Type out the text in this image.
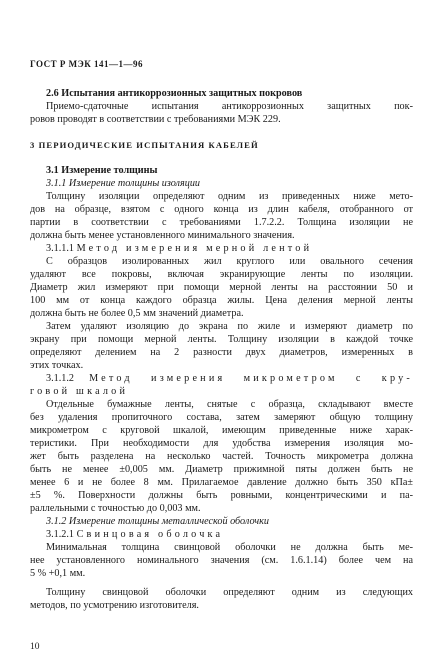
ГОСТ Р МЭК 141—1—96
2.6 Испытания антикоррозионных защитных покровов
Приемо-сдаточные испытания антикоррозионных защитных пок-
ровов проводят в соответствии с требованиями МЭК 229.
3 ПЕРИОДИЧЕСКИЕ ИСПЫТАНИЯ КАБЕЛЕЙ
3.1 Измерение толщины
3.1.1 Измерение толщины изоляции
Толщину изоляции определяют одним из приведенных ниже мето-
дов на образце, взятом с одного конца из длин кабеля, отобранного от
партии в соответствии с требованиями 1.7.2.2. Толщина изоляции не
должна быть менее установленного минимального значения.
3.1.1.1 Метод измерения мерной лентой
С образцов изолированных жил круглого или овального сечения
удаляют все покровы, включая экранирующие ленты по изоляции.
Диаметр жил измеряют при помощи мерной ленты на расстоянии 50 и
100 мм от конца каждого образца жилы. Цена деления мерной ленты
должна быть не более 0,5 мм значений диаметра.
Затем удаляют изоляцию до экрана по жиле и измеряют диаметр по
экрану при помощи мерной ленты. Толщину изоляции в каждой точке
определяют делением на 2 разности двух диаметров, измеренных в
этих точках.
3.1.1.2 Метод измерения микрометром с кру-
говой шкалой
Отдельные бумажные ленты, снятые с образца, складывают вместе
без удаления пропиточного состава, затем замеряют общую толщину
микрометром с круговой шкалой, имеющим приведенные ниже харак-
теристики. При необходимости для удобства измерения изоляция мо-
жет быть разделена на несколько частей. Точность микрометра должна
быть не менее ±0,005 мм. Диаметр прижимной пяты должен быть не
менее 6 и не более 8 мм. Прилагаемое давление должно быть 350 кПа±
±5 %. Поверхности должны быть ровными, концентрическими и па-
раллельными с точностью до 0,003 мм.
3.1.2 Измерение толщины металлической оболочки
3.1.2.1 Свинцовая оболочка
Минимальная толщина свинцовой оболочки не должна быть ме-
нее установленного номинального значения (см. 1.6.1.14) более чем на
5 % +0,1 мм.
Толщину свинцовой оболочки определяют одним из следующих
методов, по усмотрению изготовителя.
10
